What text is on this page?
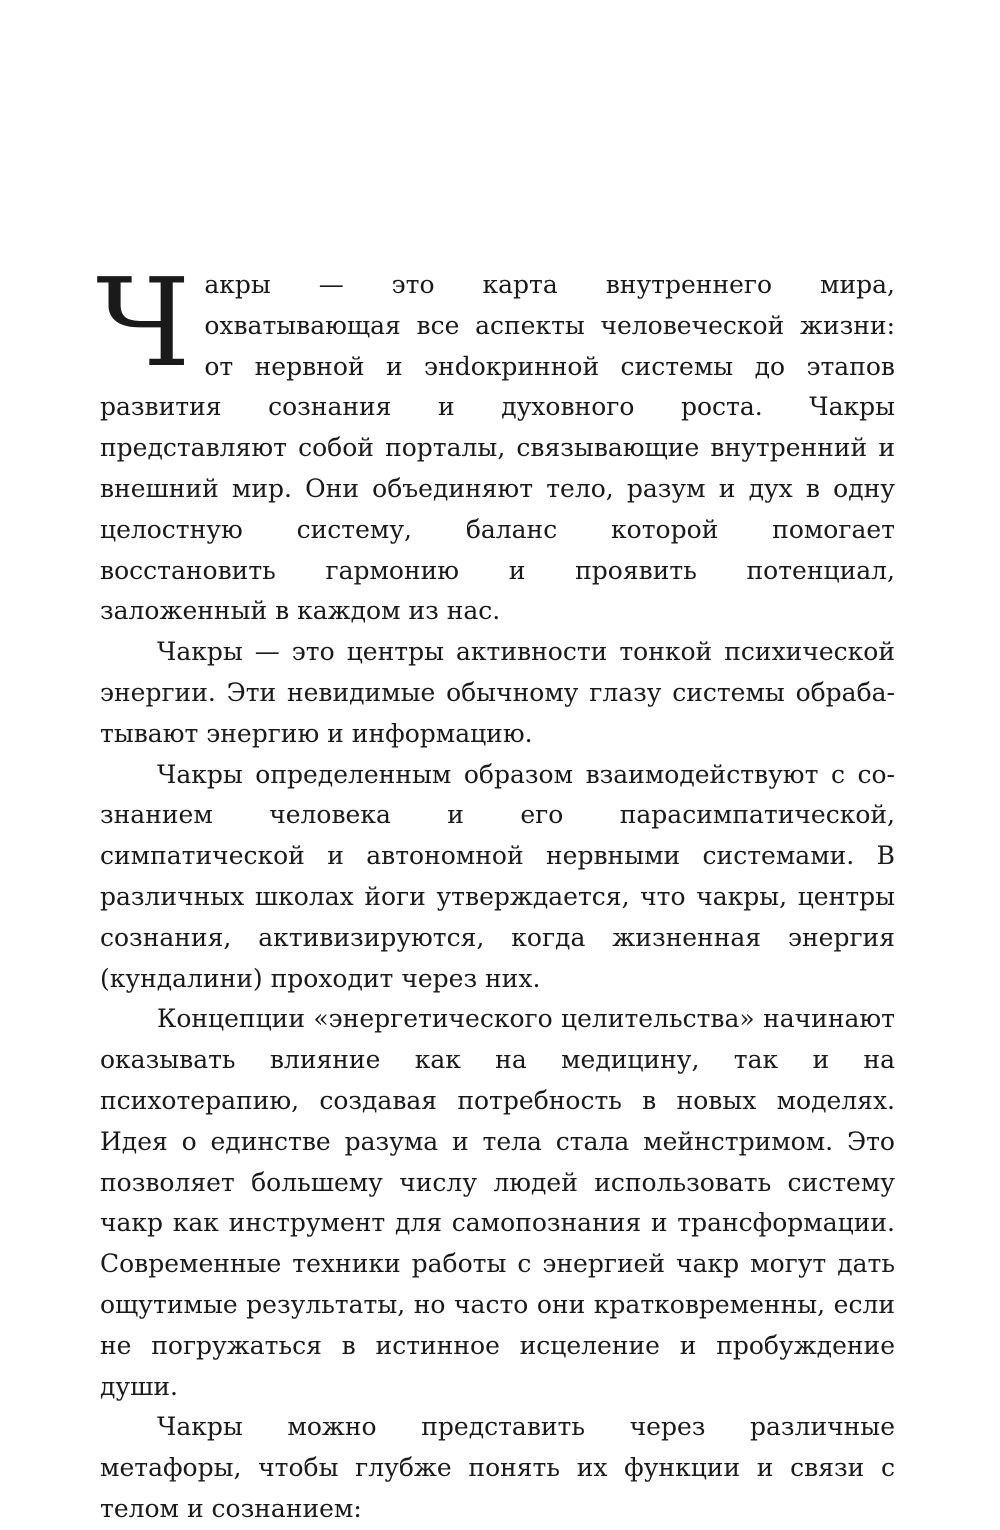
Чакры — это карта внутреннего мира, охватывающая все аспекты человеческой жизни: от нервной и энdокринной системы до этапов развития сознания и духовного роста. Чакры представляют собой порталы, связывающие внутренний и внешний мир. Они объединяют тело, разум и дух в одну целостную систему, баланс которой помогает восстановить гармонию и проявить потенциал, заложенный в каждом из нас.

Чакры — это центры активности тонкой психической энергии. Эти невидимые обычному глазу системы обрабатывают энергию и информацию.

Чакры определенным образом взаимодействуют с сознанием человека и его парасимпатической, симпатической и автономной нервными системами. В различных школах йоги утверждается, что чакры, центры сознания, активизируются, когда жизненная энергия (кундалини) проходит через них.

Концепции «энергетического целительства» начинают оказывать влияние как на медицину, так и на психотерапию, создавая потребность в новых моделях. Идея о единстве разума и тела стала мейнстримом. Это позволяет большему числу людей использовать систему чакр как инструмент для самопознания и трансформации. Современные техники работы с энергией чакр могут дать ощутимые результаты, но часто они кратковременны, если не погружаться в истинное исцеление и пробуждение души.

Чакры можно представить через различные метафоры, чтобы глубже понять их функции и связи с телом и сознанием:
